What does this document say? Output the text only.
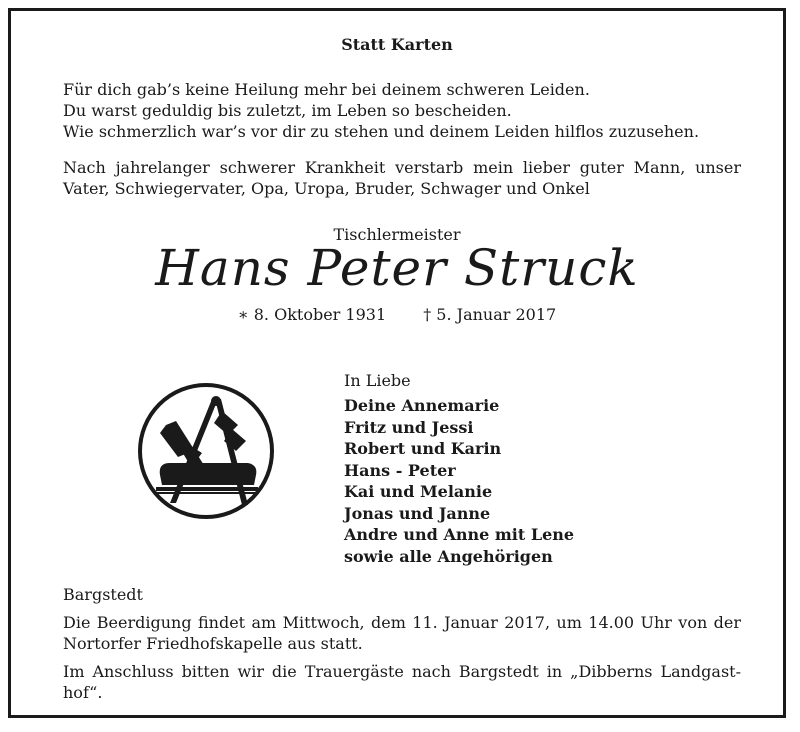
Statt Karten
Für dich gab’s keine Heilung mehr bei deinem schweren Leiden.
Du warst geduldig bis zuletzt, im Leben so bescheiden.
Wie schmerzlich war’s vor dir zu stehen und deinem Leiden hilflos zuzusehen.
Nach jahrelanger schwerer Krankheit verstarb mein lieber guter Mann, unser
Vater, Schwiegervater, Opa, Uropa, Bruder, Schwager und Onkel
Tischlermeister
Hans Peter Struck
∗ 8. Oktober 1931 † 5. Januar 2017
In Liebe
Deine Annemarie
Fritz und Jessi
Robert und Karin
Hans - Peter
Kai und Melanie
Jonas und Janne
Andre und Anne mit Lene
sowie alle Angehörigen
Bargstedt
Die Beerdigung findet am Mittwoch, dem 11. Januar 2017, um 14.00 Uhr von der
Nortorfer Friedhofskapelle aus statt.
Im Anschluss bitten wir die Trauergäste nach Bargstedt in „Dibberns Landgast-
hof“.
